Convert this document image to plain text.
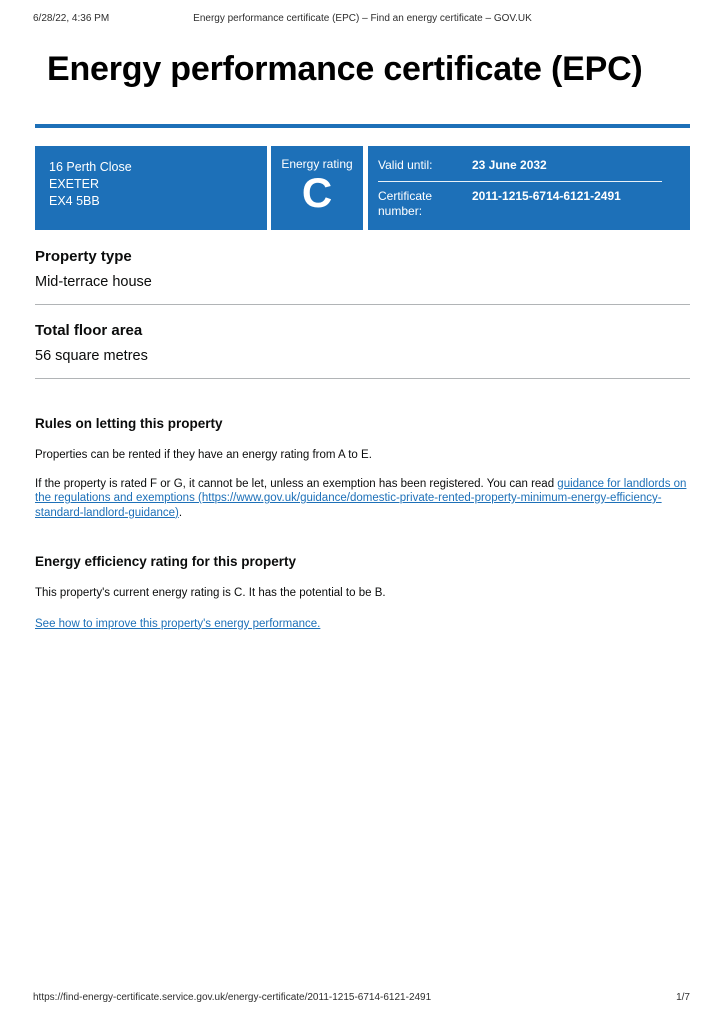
6/28/22, 4:36 PM	Energy performance certificate (EPC) – Find an energy certificate – GOV.UK
Energy performance certificate (EPC)
16 Perth Close
EXETER
EX4 5BB
Energy rating
C
Valid until:	23 June 2032
Certificate number:
2011-1215-6714-6121-2491
Property type

Mid-terrace house

Total floor area

56 square metres

Rules on letting this property

Properties can be rented if they have an energy rating from A to E.

If the property is rated F or G, it cannot be let, unless an exemption has been registered. You can read guidance for landlords on the regulations and exemptions (https://www.gov.uk/guidance/domestic-private-rented-property-minimum-energy-efficiency-standard-landlord-guidance).

Energy efficiency rating for this property

This property's current energy rating is C. It has the potential to be B.

See how to improve this property's energy performance.

https://find-energy-certificate.service.gov.uk/energy-certificate/2011-1215-6714-6121-2491	1/7
